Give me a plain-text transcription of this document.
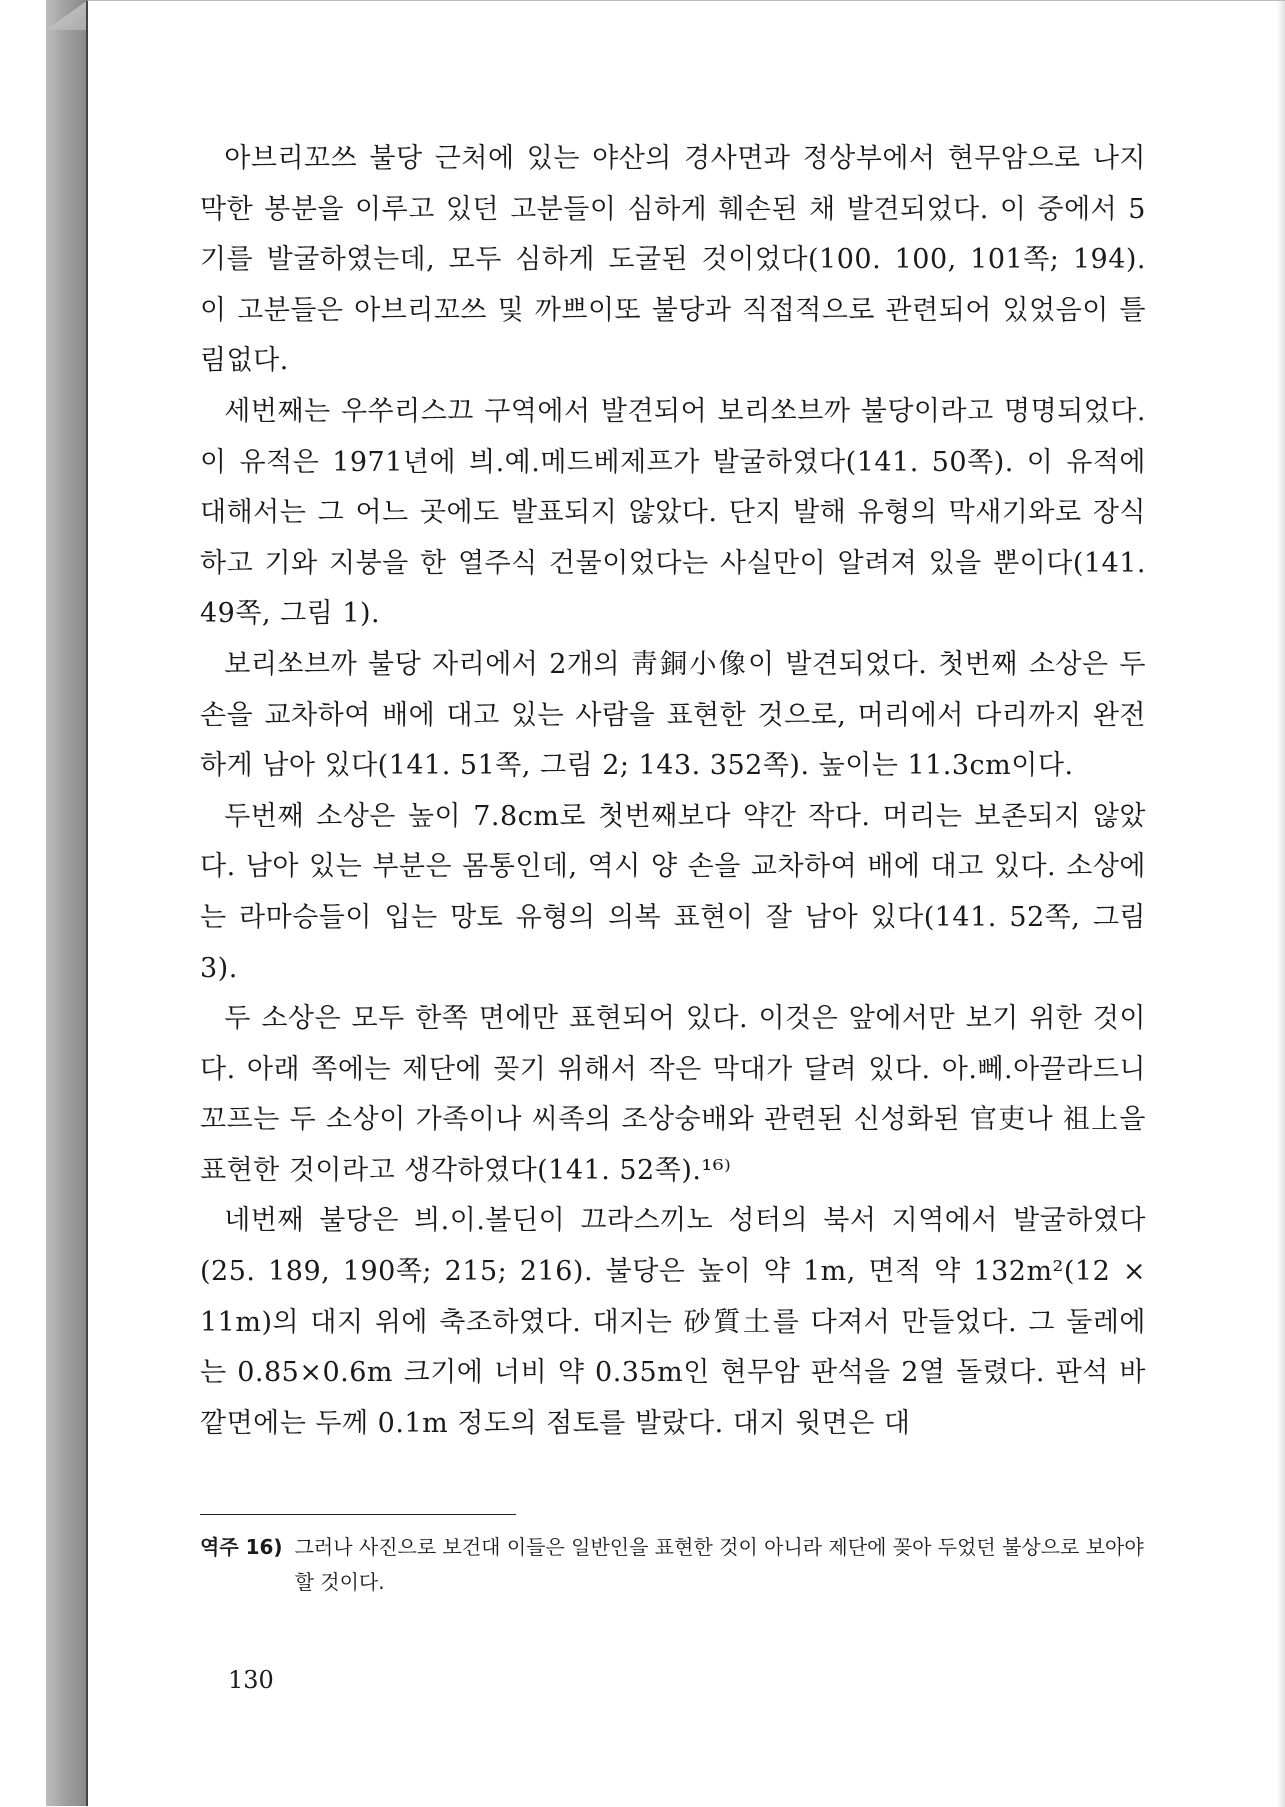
아브리꼬쓰 불당 근처에 있는 야산의 경사면과 정상부에서 현무암으로 나지막한 봉분을 이루고 있던 고분들이 심하게 훼손된 채 발견되었다. 이 중에서 5기를 발굴하였는데, 모두 심하게 도굴된 것이었다(100. 100, 101쪽; 194). 이 고분들은 아브리꼬쓰 및 까쁘이또 불당과 직접적으로 관련되어 있었음이 틀림없다.

세번째는 우쑤리스끄 구역에서 발견되어 보리쏘브까 불당이라고 명명되었다. 이 유적은 1971년에 븨.예.메드베제프가 발굴하였다(141. 50쪽). 이 유적에 대해서는 그 어느 곳에도 발표되지 않았다. 단지 발해 유형의 막새기와로 장식하고 기와 지붕을 한 열주식 건물이었다는 사실만이 알려져 있을 뿐이다(141. 49쪽, 그림 1).

보리쏘브까 불당 자리에서 2개의 靑銅小像이 발견되었다. 첫번째 소상은 두 손을 교차하여 배에 대고 있는 사람을 표현한 것으로, 머리에서 다리까지 완전하게 남아 있다(141. 51쪽, 그림 2; 143. 352쪽). 높이는 11.3cm이다.

두번째 소상은 높이 7.8cm로 첫번째보다 약간 작다. 머리는 보존되지 않았다. 남아 있는 부분은 몸통인데, 역시 양 손을 교차하여 배에 대고 있다. 소상에는 라마승들이 입는 망토 유형의 의복 표현이 잘 남아 있다(141. 52쪽, 그림 3).

두 소상은 모두 한쪽 면에만 표현되어 있다. 이것은 앞에서만 보기 위한 것이다. 아래 쪽에는 제단에 꽂기 위해서 작은 막대가 달려 있다. 아.뻬.아끌라드니꼬프는 두 소상이 가족이나 씨족의 조상숭배와 관련된 신성화된 官吏나 祖上을 표현한 것이라고 생각하였다(141. 52쪽).¹⁶⁾

네번째 불당은 븨.이.볼딘이 끄라스끼노 성터의 북서 지역에서 발굴하였다(25. 189, 190쪽; 215; 216). 불당은 높이 약 1m, 면적 약 132m²(12 × 11m)의 대지 위에 축조하였다. 대지는 砂質土를 다져서 만들었다. 그 둘레에는 0.85×0.6m 크기에 너비 약 0.35m인 현무암 판석을 2열 돌렸다. 판석 바깥면에는 두께 0.1m 정도의 점토를 발랐다. 대지 윗면은 대

역주 16) 그러나 사진으로 보건대 이들은 일반인을 표현한 것이 아니라 제단에 꽂아 두었던 불상으로 보아야 할 것이다.
130
